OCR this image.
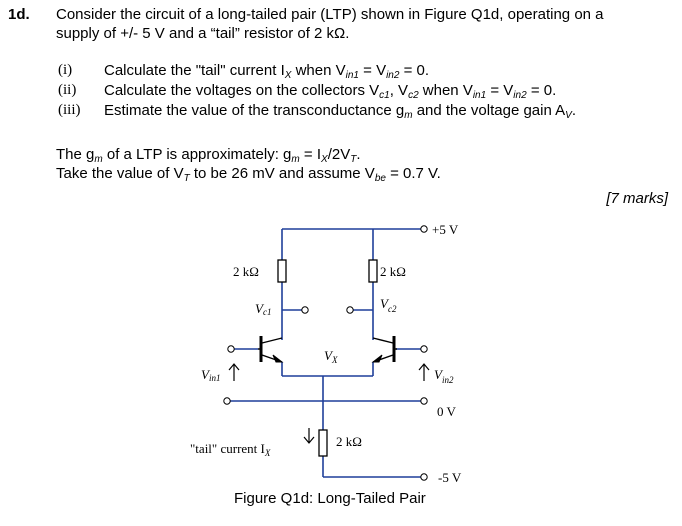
1d. Consider the circuit of a long-tailed pair (LTP) shown in Figure Q1d, operating on a
supply of +/- 5 V and a “tail” resistor of 2 kΩ.
(i) Calculate the "tail" current $I_X$ when $V_{in1} = V_{in2} = 0$.
(ii) Calculate the voltages on the collectors $V_{c1}$, $V_{c2}$ when $V_{in1} = V_{in2} = 0$.
(iii) Estimate the value of the transconductance $g_m$ and the voltage gain $A_V$.
The $g_m$ of a LTP is approximately: $g_m = I_X/2V_T$.
Take the value of $V_T$ to be 26 mV and assume $V_{be} = 0.7$ V.
[7 marks]
+5 V
2 kΩ	2 kΩ
Vc1
$V_{c2}$
$V_X$
Vin1	$V_{in2}$
0 V
"tail" current $I_X$
2 kΩ
-5 V
Figure Q1d: Long-Tailed Pair
